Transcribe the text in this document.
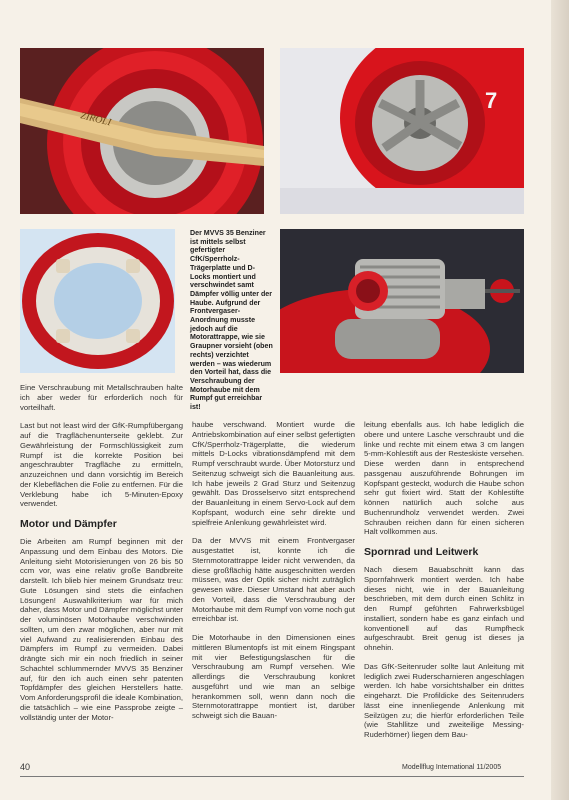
ZIROLI
7

Der MVVS 35 Benziner ist mittels selbst gefertigter CfK/Sperrholz-Trägerplatte und D-Locks montiert und verschwindet samt Dämpfer völlig unter der Haube. Aufgrund der Frontvergaser-Anordnung musste jedoch auf die Motorattrappe, wie sie Graupner vorsieht (oben rechts) verzichtet werden – was wiederum den Vorteil hat, dass die Verschraubung der Motorhaube mit dem Rumpf gut erreichbar ist!

Eine Verschraubung mit Metallschrauben halte ich aber weder für erforderlich noch für vorteilhaft.

Last but not least wird der GfK-Rumpfübergang auf die Tragflächenunterseite geklebt. Zur Gewährleistung der Formschlüssigkeit zum Rumpf ist die korrekte Position bei angeschraubter Tragfläche zu ermitteln, anzuzeichnen und dann vorsichtig im Bereich der Klebeflächen die Folie zu entfernen. Für die Verklebung habe ich 5-Minuten-Epoxy verwendet.

Motor und Dämpfer

Die Arbeiten am Rumpf beginnen mit der Anpassung und dem Einbau des Motors. Die Anleitung sieht Motorisierungen von 26 bis 50 ccm vor, was eine relativ große Bandbreite darstellt. Ich blieb hier meinem Grundsatz treu: Gute Lösungen sind stets die einfachen Lösungen! Auswahlkriterium war für mich daher, dass Motor und Dämpfer möglichst unter der voluminösen Motorhaube verschwinden sollten, um den zwar möglichen, aber nur mit viel Aufwand zu realisierenden Einbau des Dämpfers im Rumpf zu vermeiden. Dabei drängte sich mir ein noch friedlich in seiner Schachtel schlummernder MVVS 35 Benziner auf, für den ich auch einen sehr patenten Topfdämpfer des gleichen Herstellers hatte. Vom Anforderungsprofil die ideale Kombination, die tatsächlich – wie eine Passprobe zeigte – vollständig unter der Motor-

haube verschwand. Montiert wurde die Antriebskombination auf einer selbst gefertigten CfK/Sperrholz-Trägerplatte, die wiederum mittels D-Locks vibrationsdämpfend mit dem Rumpf verschraubt wurde. Über Motorsturz und Seitenzug schweigt sich die Bauanleitung aus. Ich habe jeweils 2 Grad Sturz und Seitenzug gewählt. Das Drosselservo sitzt entsprechend der Bauanleitung in einem Servo-Lock auf dem Kopfspant, wodurch eine sehr direkte und spielfreie Anlenkung gewährleistet wird.

Da der MVVS mit einem Frontvergaser ausgestattet ist, konnte ich die Sternmotorattrappe leider nicht verwenden, da diese großflächig hätte ausgeschnitten werden müssen, was der Optik sicher nicht zuträglich gewesen wäre. Dieser Umstand hat aber auch den Vorteil, dass die Verschraubung der Motorhaube mit dem Rumpf von vorne noch gut erreichbar ist.

Die Motorhaube in den Dimensionen eines mittleren Blumentopfs ist mit einem Ringspant mit vier Befestigungslaschen für die Verschraubung am Rumpf versehen. Wie allerdings die Verschraubung konkret ausgeführt und wie man an selbige herankommen soll, wenn dann noch die Sternmotorattrappe montiert ist, darüber schweigt sich die Bauan-

leitung ebenfalls aus. Ich habe lediglich die obere und untere Lasche verschraubt und die linke und rechte mit einem etwa 3 cm langen 5-mm-Kohlestift aus der Resteskiste versehen. Diese werden dann in entsprechend passgenau auszuführende Bohrungen im Kopfspant gesteckt, wodurch die Haube schon sehr gut fixiert wird. Statt der Kohlestifte können natürlich auch solche aus Buchenrundholz verwendet werden. Zwei Schrauben reichen dann für einen sicheren Halt vollkommen aus.

Spornrad und Leitwerk

Nach diesem Bauabschnitt kann das Spornfahrwerk montiert werden. Ich habe dieses nicht, wie in der Bauanleitung beschrieben, mit dem durch einen Schlitz in den Rumpf geführten Fahrwerksbügel installiert, sondern habe es ganz einfach und konventionell auf das Rumpfheck aufgeschraubt. Breit genug ist dieses ja ohnehin.

Das GfK-Seitenruder sollte laut Anleitung mit lediglich zwei Ruderscharnieren angeschlagen werden. Ich habe vorsichtshalber ein drittes eingeharzt. Die Profildicke des Seitenruders lässt eine innenliegende Anlenkung mit Seilzügen zu; die hierfür erforderlichen Teile (wie Stahllitze und zweiteilige Messing-Ruderhörner) liegen dem Bau-

40	Modellflug International 11/2005
